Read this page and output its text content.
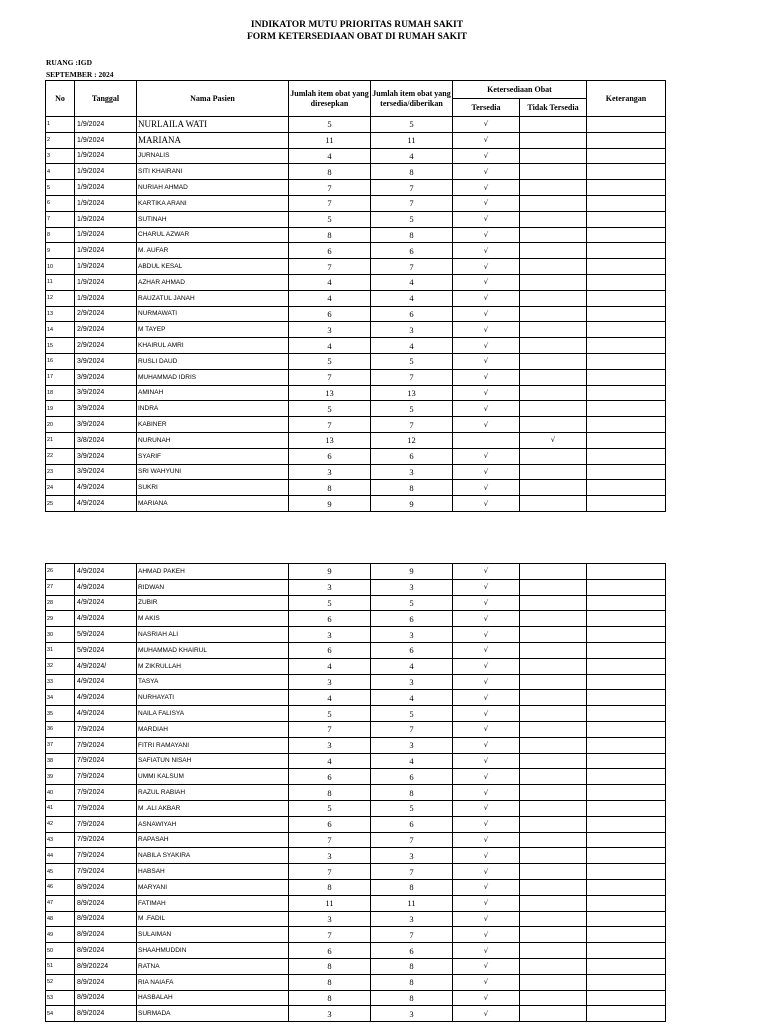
INDIKATOR MUTU PRIORITAS RUMAH SAKIT
FORM KETERSEDIAAN OBAT DI RUMAH SAKIT
RUANG :IGD
SEPTEMBER : 2024
No	Tanggal	Nama Pasien	Jumlah item obat yang diresepkan	Jumlah item obat yang tersedia/diberikan	Ketersediaan Obat		Keterangan
					Tersedia	Tidak Tersedia	
1	1/9/2024	NURLAILA WATI	5	5	√		
2	1/9/2024	MARIANA	11	11	√		
3	1/9/2024	JURNALIS	4	4	√		
4	1/9/2024	SITI KHAIRANI	8	8	√		
5	1/9/2024	NURIAH AHMAD	7	7	√		
6	1/9/2024	KARTIKA ARANI	7	7	√		
7	1/9/2024	SUTINAH	5	5	√		
8	1/9/2024	CHARUL AZWAR	8	8	√		
9	1/9/2024	M. AUFAR	6	6	√		
10	1/9/2024	ABDUL KESAL	7	7	√		
11	1/9/2024	AZHAR AHMAD	4	4	√		
12	1/9/2024	RAUZATUL JANAH	4	4	√		
13	2/9/2024	NURMAWATI	6	6	√		
14	2/9/2024	M TAYEP	3	3	√		
15	2/9/2024	KHAIRUL AMRI	4	4	√		
16	3/9/2024	RUSLI DAUD	5	5	√		
17	3/9/2024	MUHAMMAD IDRIS	7	7	√		
18	3/9/2024	AMINAH	13	13	√		
19	3/9/2024	INDRA	5	5	√		
20	3/9/2024	KABINER	7	7	√		
21	3/8/2024	NURUNAH	13	12		√	
22	3/9/2024	SYARIF	6	6	√		
23	3/9/2024	SRI WAHYUNI	3	3	√		
24	4/9/2024	SUKRI	8	8	√		
25	4/9/2024	MARIANA	9	9	√		
26	4/9/2024	AHMAD PAKEH	9	9	√		
27	4/9/2024	RIDWAN	3	3	√		
28	4/9/2024	ZUBIR	5	5	√		
29	4/9/2024	M AKIS	6	6	√		
30	5/9/2024	NASRIAH ALI	3	3	√		
31	5/9/2024	MUHAMMAD KHAIRUL	6	6	√		
32	4/9/2024/	M ZIKRULLAH	4	4	√		
33	4/9/2024	TASYA	3	3	√		
34	4/9/2024	NURHAYATI	4	4	√		
35	4/9/2024	NAILA FALISYA	5	5	√		
36	7/9/2024	MARDIAH	7	7	√		
37	7/9/2024	FITRI RAMAYANI	3	3	√		
38	7/9/2024	SAFIATUN NISAH	4	4	√		
39	7/9/2024	UMMI KALSUM	6	6	√		
40	7/9/2024	RAZUL RABIAH	8	8	√		
41	7/9/2024	M .ALI AKBAR	5	5	√		
42	7/9/2024	ASNAWIYAH	6	6	√		
43	7/9/2024	RAPASAH	7	7	√		
44	7/9/2024	NABILA SYAKIRA	3	3	√		
45	7/9/2024	HABSAH	7	7	√		
46	8/9/2024	MARYANI	8	8	√		
47	8/9/2024	FATIMAH	11	11	√		
48	8/9/2024	M .FADIL	3	3	√		
49	8/9/2024	SULAIMAN	7	7	√		
50	8/9/2024	SHAAHMUDDIN	6	6	√		
51	8/9/20224	RATNA	8	8	√		
52	8/9/2024	RIA NAIAFA	8	8	√		
53	8/9/2024	HASBALAH	8	8	√		
54	8/9/2024	SURMADA	3	3	√		
